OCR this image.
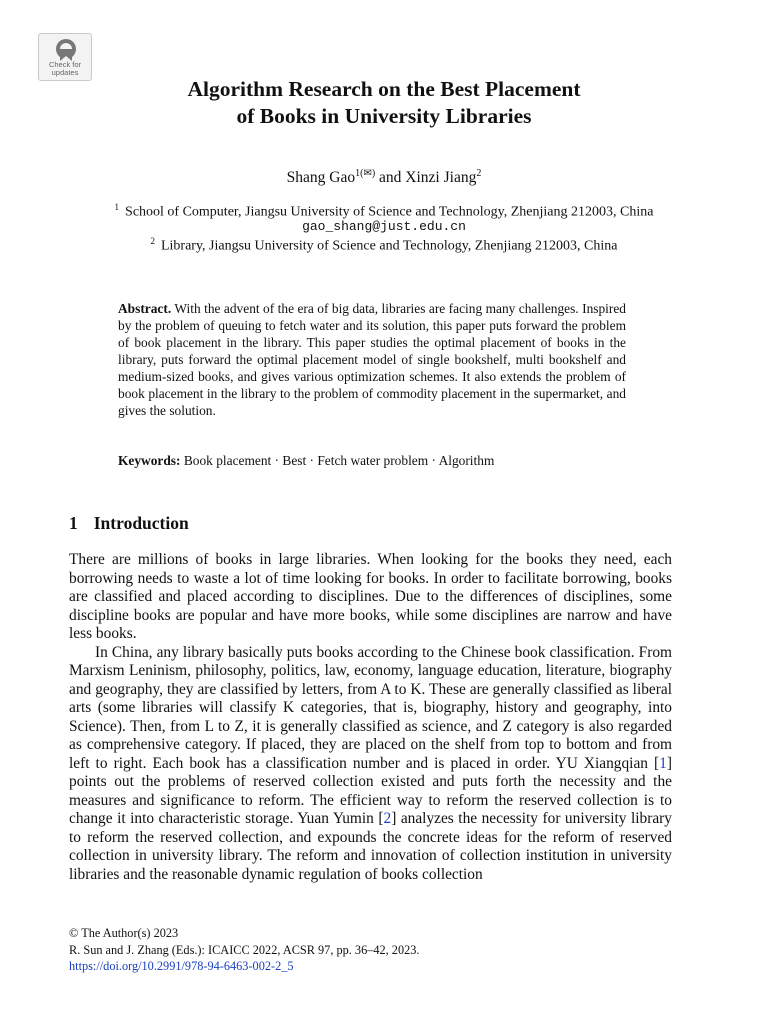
Check for
updates
Algorithm Research on the Best Placement
of Books in University Libraries
Shang Gao$^{1(✉)}$ and Xinzi Jiang$^2$
$^1$ School of Computer, Jiangsu University of Science and Technology, Zhenjiang 212003, China
gao_shang@just.edu.cn
$^2$ Library, Jiangsu University of Science and Technology, Zhenjiang 212003, China
Abstract. With the advent of the era of big data, libraries are facing many challenges. Inspired by the problem of queuing to fetch water and its solution, this paper puts forward the problem of book placement in the library. This paper studies the optimal placement of books in the library, puts forward the optimal placement model of single bookshelf, multi bookshelf and medium-sized books, and gives various optimization schemes. It also extends the problem of book placement in the library to the problem of commodity placement in the supermarket, and gives the solution.
Keywords: Book placement · Best · Fetch water problem · Algorithm
1 Introduction

There are millions of books in large libraries. When looking for the books they need, each borrowing needs to waste a lot of time looking for books. In order to facilitate borrowing, books are classified and placed according to disciplines. Due to the differences of disciplines, some discipline books are popular and have more books, while some disciplines are narrow and have less books.

In China, any library basically puts books according to the Chinese book classification. From Marxism Leninism, philosophy, politics, law, economy, language education, literature, biography and geography, they are classified by letters, from A to K. These are generally classified as liberal arts (some libraries will classify K categories, that is, biography, history and geography, into Science). Then, from L to Z, it is generally classified as science, and Z category is also regarded as comprehensive category. If placed, they are placed on the shelf from top to bottom and from left to right. Each book has a classification number and is placed in order. YU Xiangqian [1] points out the problems of reserved collection existed and puts forth the necessity and the measures and significance to reform. The efficient way to reform the reserved collection is to change it into characteristic storage. Yuan Yumin [2] analyzes the necessity for university library to reform the reserved collection, and expounds the concrete ideas for the reform of reserved collection in university library. The reform and innovation of collection institution in university libraries and the reasonable dynamic regulation of books collection

© The Author(s) 2023
R. Sun and J. Zhang (Eds.): ICAICC 2022, ACSR 97, pp. 36–42, 2023.
https://doi.org/10.2991/978-94-6463-002-2_5
